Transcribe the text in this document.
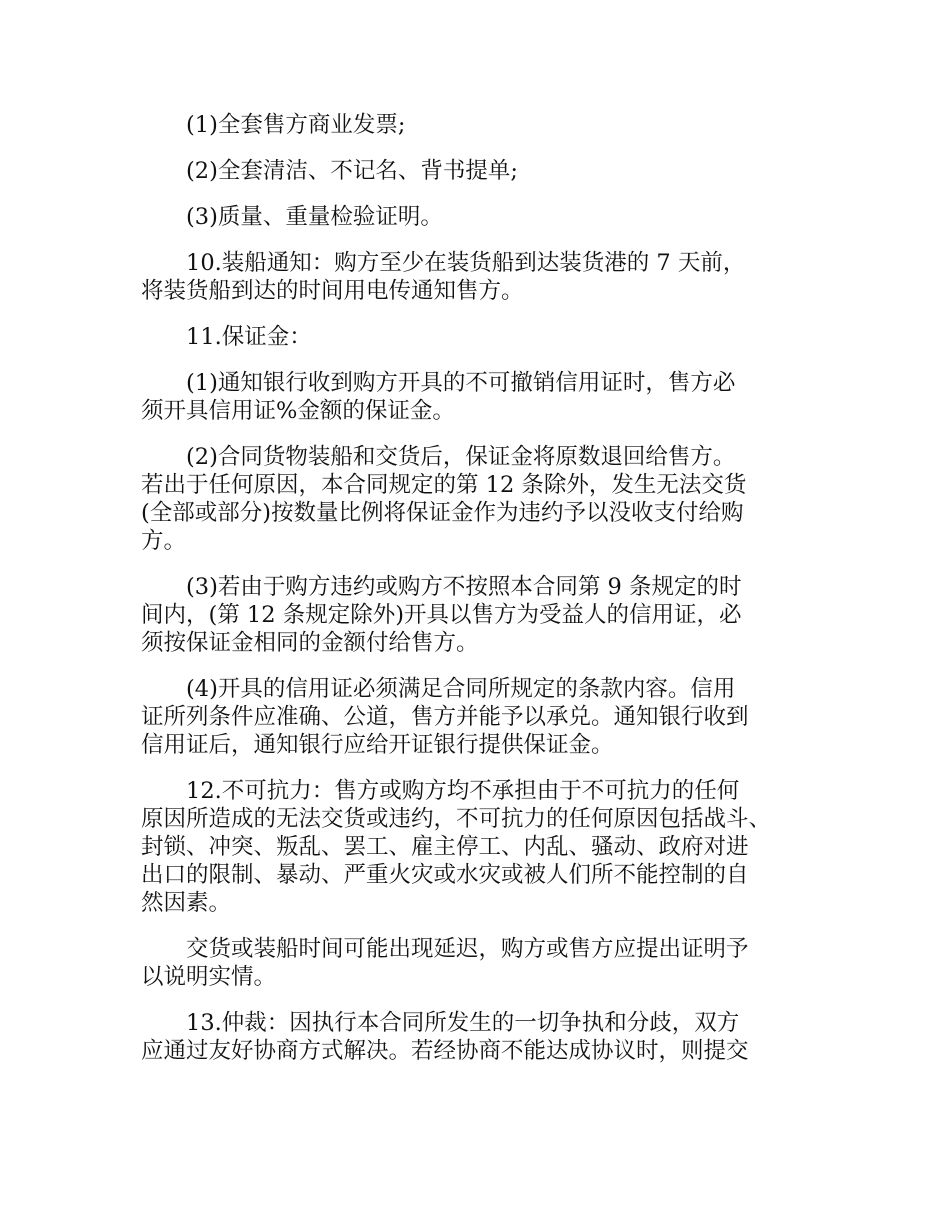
(1)全套售方商业发票;
(2)全套清洁、不记名、背书提单;
(3)质量、重量检验证明。
10.装船通知：购方至少在装货船到达装货港的 7 天前，
将装货船到达的时间用电传通知售方。
11.保证金：
(1)通知银行收到购方开具的不可撤销信用证时，售方必
须开具信用证%金额的保证金。
(2)合同货物装船和交货后，保证金将原数退回给售方。
若出于任何原因，本合同规定的第 12 条除外，发生无法交货
(全部或部分)按数量比例将保证金作为违约予以没收支付给购
方。
(3)若由于购方违约或购方不按照本合同第 9 条规定的时
间内，(第 12 条规定除外)开具以售方为受益人的信用证，必
须按保证金相同的金额付给售方。
(4)开具的信用证必须满足合同所规定的条款内容。信用
证所列条件应准确、公道，售方并能予以承兑。通知银行收到
信用证后，通知银行应给开证银行提供保证金。
12.不可抗力：售方或购方均不承担由于不可抗力的任何
原因所造成的无法交货或违约，不可抗力的任何原因包括战斗、
封锁、冲突、叛乱、罢工、雇主停工、内乱、骚动、政府对进
出口的限制、暴动、严重火灾或水灾或被人们所不能控制的自
然因素。
交货或装船时间可能出现延迟，购方或售方应提出证明予
以说明实情。
13.仲裁：因执行本合同所发生的一切争执和分歧，双方
应通过友好协商方式解决。若经协商不能达成协议时，则提交
